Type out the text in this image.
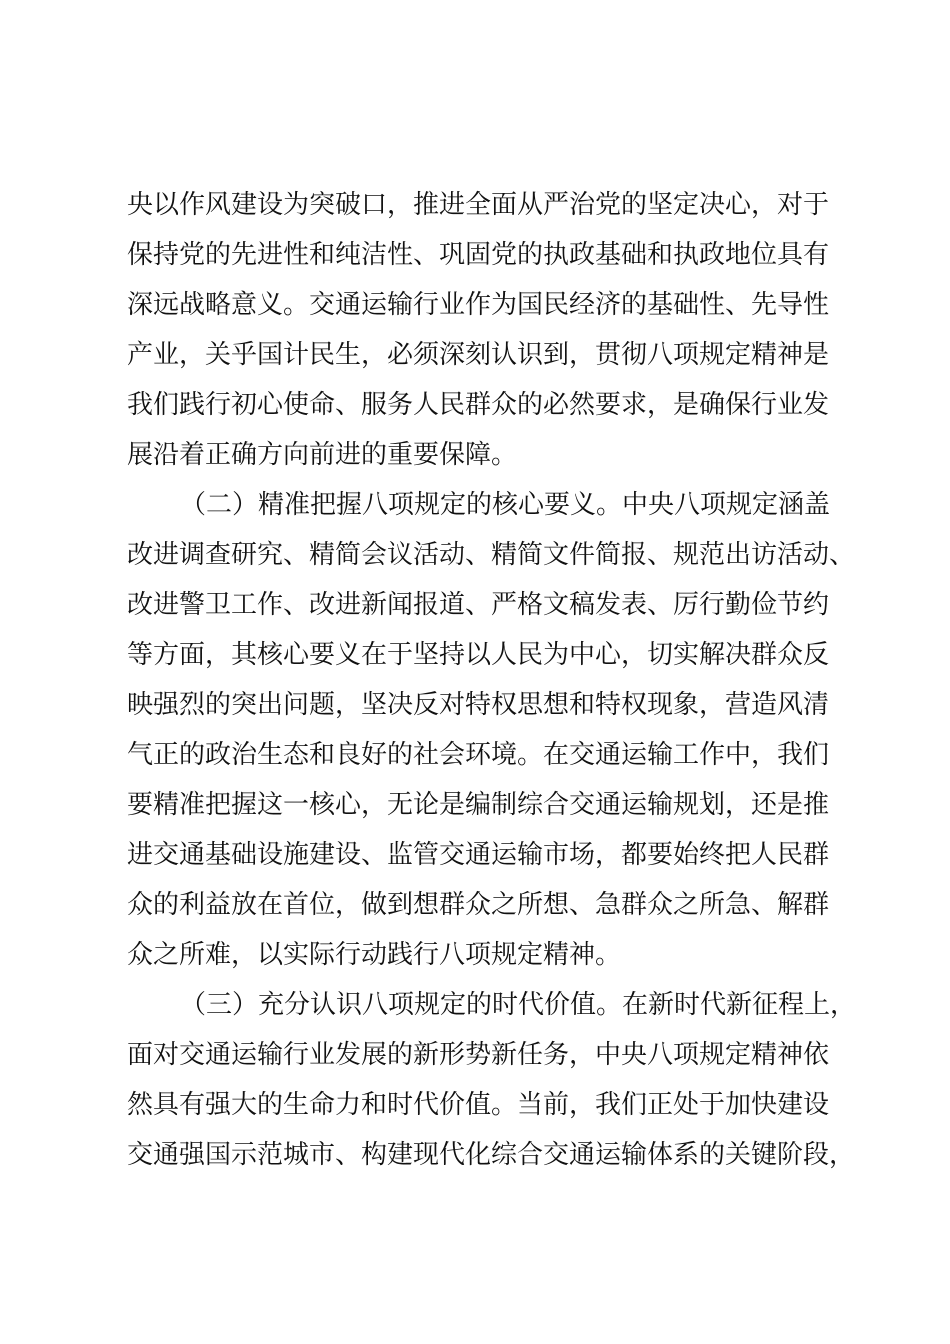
央以作风建设为突破口，推进全面从严治党的坚定决心，对于
保持党的先进性和纯洁性、巩固党的执政基础和执政地位具有
深远战略意义。交通运输行业作为国民经济的基础性、先导性
产业，关乎国计民生，必须深刻认识到，贯彻八项规定精神是
我们践行初心使命、服务人民群众的必然要求，是确保行业发
展沿着正确方向前进的重要保障。
（二）精准把握八项规定的核心要义。中央八项规定涵盖
改进调查研究、精简会议活动、精简文件简报、规范出访活动、
改进警卫工作、改进新闻报道、严格文稿发表、厉行勤俭节约
等方面，其核心要义在于坚持以人民为中心，切实解决群众反
映强烈的突出问题，坚决反对特权思想和特权现象，营造风清
气正的政治生态和良好的社会环境。在交通运输工作中，我们
要精准把握这一核心，无论是编制综合交通运输规划，还是推
进交通基础设施建设、监管交通运输市场，都要始终把人民群
众的利益放在首位，做到想群众之所想、急群众之所急、解群
众之所难，以实际行动践行八项规定精神。
（三）充分认识八项规定的时代价值。在新时代新征程上，
面对交通运输行业发展的新形势新任务，中央八项规定精神依
然具有强大的生命力和时代价值。当前，我们正处于加快建设
交通强国示范城市、构建现代化综合交通运输体系的关键阶段，
